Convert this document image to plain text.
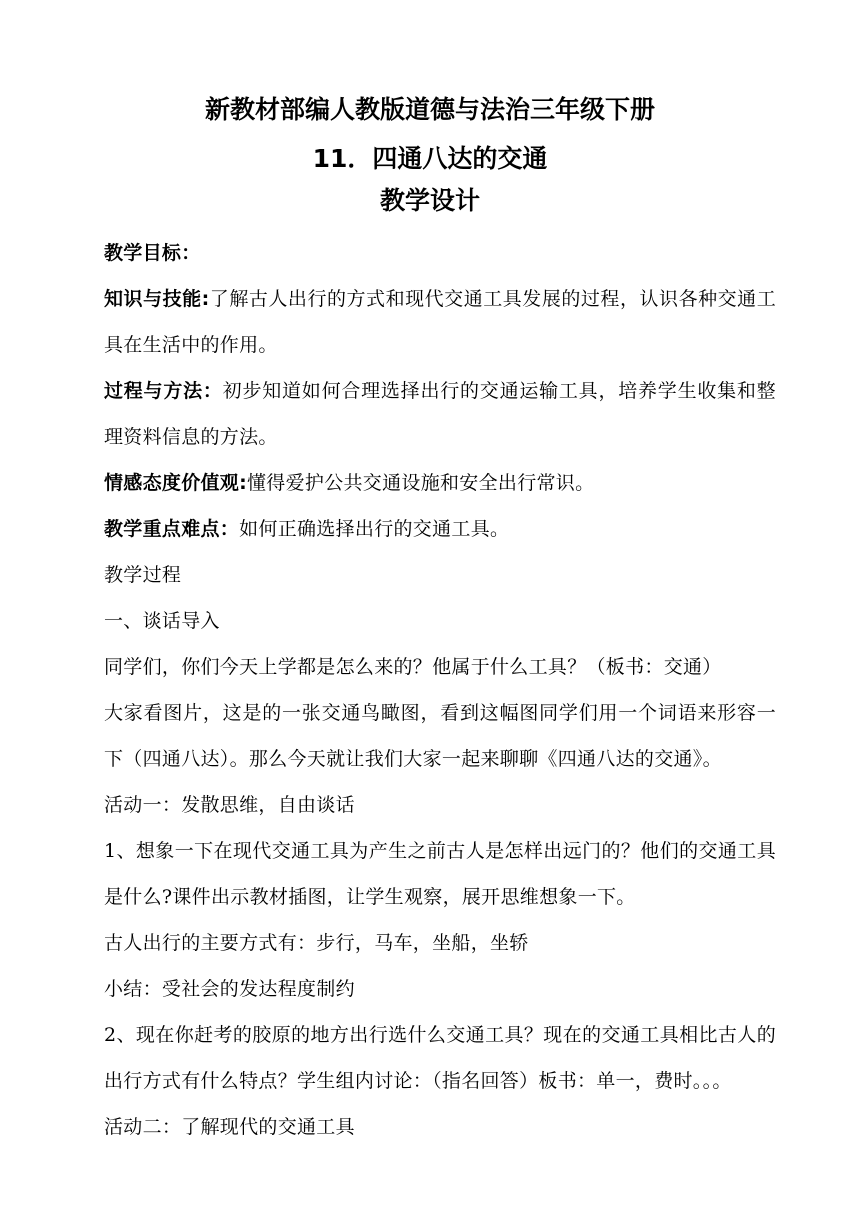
新教材部编人教版道德与法治三年级下册
11．四通八达的交通
教学设计

教学目标：

知识与技能:了解古人出行的方式和现代交通工具发展的过程，认识各种交通工具在生活中的作用。

过程与方法：初步知道如何合理选择出行的交通运输工具，培养学生收集和整理资料信息的方法。

情感态度价值观:懂得爱护公共交通设施和安全出行常识。

教学重点难点：如何正确选择出行的交通工具。

教学过程

一、谈话导入

同学们，你们今天上学都是怎么来的？他属于什么工具？（板书：交通）

大家看图片，这是的一张交通鸟瞰图，看到这幅图同学们用一个词语来形容一下（四通八达）。那么今天就让我们大家一起来聊聊《四通八达的交通》。

活动一：发散思维，自由谈话

1、想象一下在现代交通工具为产生之前古人是怎样出远门的？他们的交通工具是什么?课件出示教材插图，让学生观察，展开思维想象一下。

古人出行的主要方式有：步行，马车，坐船，坐轿

小结：受社会的发达程度制约

2、现在你赶考的胶原的地方出行选什么交通工具？现在的交通工具相比古人的出行方式有什么特点？学生组内讨论：（指名回答）板书：单一，费时。。。

活动二：了解现代的交通工具
